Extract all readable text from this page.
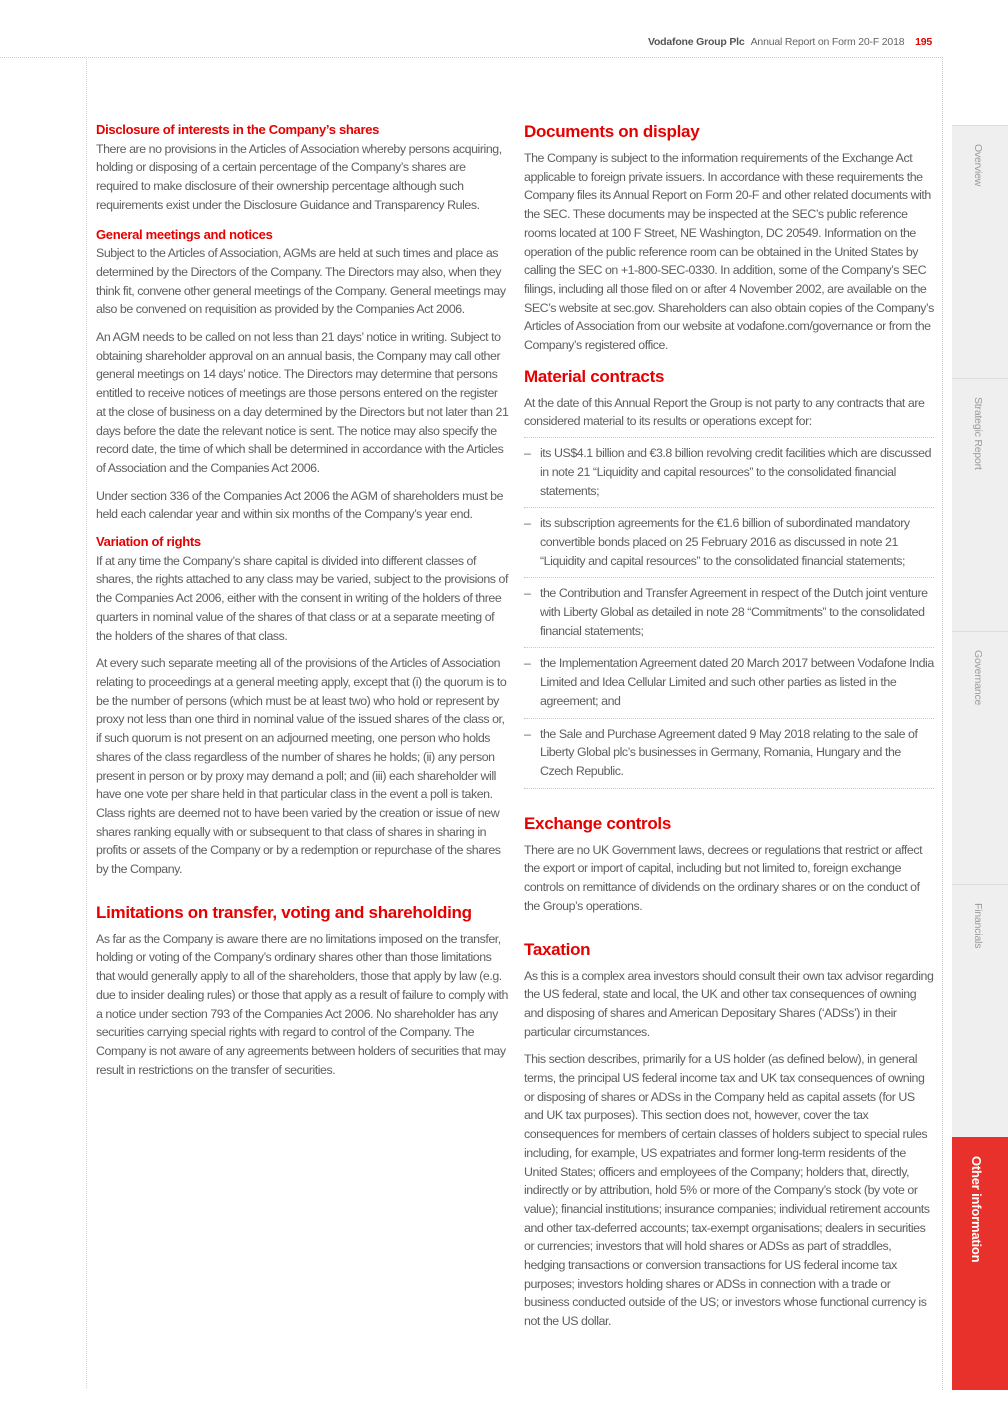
Vodafone Group Plc Annual Report on Form 20-F 2018 195
Disclosure of interests in the Company’s shares

There are no provisions in the Articles of Association whereby persons acquiring, holding or disposing of a certain percentage of the Company’s shares are required to make disclosure of their ownership percentage although such requirements exist under the Disclosure Guidance and Transparency Rules.

General meetings and notices

Subject to the Articles of Association, AGMs are held at such times and place as determined by the Directors of the Company. The Directors may also, when they think fit, convene other general meetings of the Company. General meetings may also be convened on requisition as provided by the Companies Act 2006.

An AGM needs to be called on not less than 21 days’ notice in writing. Subject to obtaining shareholder approval on an annual basis, the Company may call other general meetings on 14 days’ notice. The Directors may determine that persons entitled to receive notices of meetings are those persons entered on the register at the close of business on a day determined by the Directors but not later than 21 days before the date the relevant notice is sent. The notice may also specify the record date, the time of which shall be determined in accordance with the Articles of Association and the Companies Act 2006.

Under section 336 of the Companies Act 2006 the AGM of shareholders must be held each calendar year and within six months of the Company’s year end.

Variation of rights

If at any time the Company’s share capital is divided into different classes of shares, the rights attached to any class may be varied, subject to the provisions of the Companies Act 2006, either with the consent in writing of the holders of three quarters in nominal value of the shares of that class or at a separate meeting of the holders of the shares of that class.

At every such separate meeting all of the provisions of the Articles of Association relating to proceedings at a general meeting apply, except that (i) the quorum is to be the number of persons (which must be at least two) who hold or represent by proxy not less than one third in nominal value of the issued shares of the class or, if such quorum is not present on an adjourned meeting, one person who holds shares of the class regardless of the number of shares he holds; (ii) any person present in person or by proxy may demand a poll; and (iii) each shareholder will have one vote per share held in that particular class in the event a poll is taken. Class rights are deemed not to have been varied by the creation or issue of new shares ranking equally with or subsequent to that class of shares in sharing in profits or assets of the Company or by a redemption or repurchase of the shares by the Company.

Limitations on transfer, voting and shareholding

As far as the Company is aware there are no limitations imposed on the transfer, holding or voting of the Company’s ordinary shares other than those limitations that would generally apply to all of the shareholders, those that apply by law (e.g. due to insider dealing rules) or those that apply as a result of failure to comply with a notice under section 793 of the Companies Act 2006. No shareholder has any securities carrying special rights with regard to control of the Company. The Company is not aware of any agreements between holders of securities that may result in restrictions on the transfer of securities.

Documents on display

The Company is subject to the information requirements of the Exchange Act applicable to foreign private issuers. In accordance with these requirements the Company files its Annual Report on Form 20-F and other related documents with the SEC. These documents may be inspected at the SEC’s public reference rooms located at 100 F Street, NE Washington, DC 20549. Information on the operation of the public reference room can be obtained in the United States by calling the SEC on +1-800-SEC-0330. In addition, some of the Company’s SEC filings, including all those filed on or after 4 November 2002, are available on the SEC’s website at sec.gov. Shareholders can also obtain copies of the Company’s Articles of Association from our website at vodafone.com/governance or from the Company’s registered office.

Material contracts

At the date of this Annual Report the Group is not party to any contracts that are considered material to its results or operations except for:

– its US$4.1 billion and €3.8 billion revolving credit facilities which are discussed in note 21 “Liquidity and capital resources” to the consolidated financial statements;
– its subscription agreements for the €1.6 billion of subordinated mandatory convertible bonds placed on 25 February 2016 as discussed in note 21 “Liquidity and capital resources” to the consolidated financial statements;
– the Contribution and Transfer Agreement in respect of the Dutch joint venture with Liberty Global as detailed in note 28 “Commitments” to the consolidated financial statements;
– the Implementation Agreement dated 20 March 2017 between Vodafone India Limited and Idea Cellular Limited and such other parties as listed in the agreement; and
– the Sale and Purchase Agreement dated 9 May 2018 relating to the sale of Liberty Global plc’s businesses in Germany, Romania, Hungary and the Czech Republic.
Exchange controls

There are no UK Government laws, decrees or regulations that restrict or affect the export or import of capital, including but not limited to, foreign exchange controls on remittance of dividends on the ordinary shares or on the conduct of the Group’s operations.

Taxation

As this is a complex area investors should consult their own tax advisor regarding the US federal, state and local, the UK and other tax consequences of owning and disposing of shares and American Depositary Shares (‘ADSs’) in their particular circumstances.

This section describes, primarily for a US holder (as defined below), in general terms, the principal US federal income tax and UK tax consequences of owning or disposing of shares or ADSs in the Company held as capital assets (for US and UK tax purposes). This section does not, however, cover the tax consequences for members of certain classes of holders subject to special rules including, for example, US expatriates and former long-term residents of the United States; officers and employees of the Company; holders that, directly, indirectly or by attribution, hold 5% or more of the Company’s stock (by vote or value); financial institutions; insurance companies; individual retirement accounts and other tax-deferred accounts; tax-exempt organisations; dealers in securities or currencies; investors that will hold shares or ADSs as part of straddles, hedging transactions or conversion transactions for US federal income tax purposes; investors holding shares or ADSs in connection with a trade or business conducted outside of the US; or investors whose functional currency is not the US dollar.

Overview
Strategic Report
Governance
Financials
Other information
